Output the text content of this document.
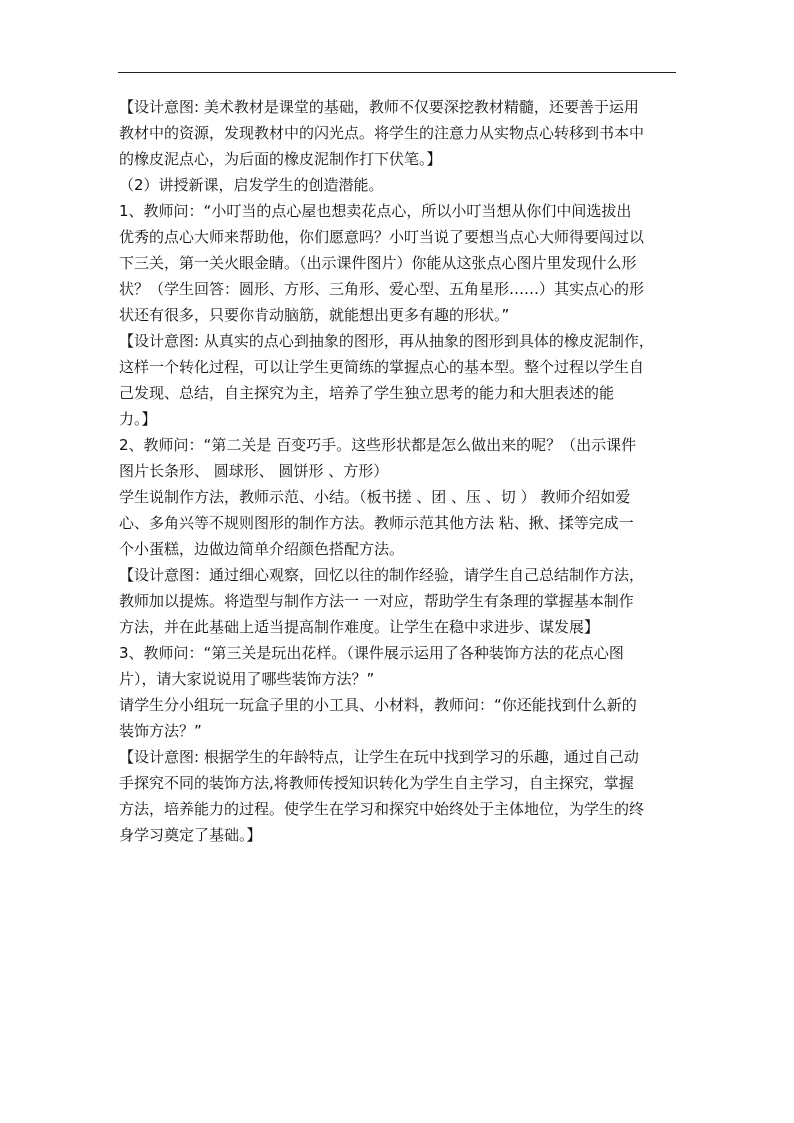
【设计意图: 美术教材是课堂的基础，教师不仅要深挖教材精髓，还要善于运用
教材中的资源，发现教材中的闪光点。将学生的注意力从实物点心转移到书本中
的橡皮泥点心，为后面的橡皮泥制作打下伏笔。】
（2）讲授新课，启发学生的创造潜能。
1、教师问：“小叮当的点心屋也想卖花点心，所以小叮当想从你们中间选拔出
优秀的点心大师来帮助他，你们愿意吗？小叮当说了要想当点心大师得要闯过以
下三关，第一关火眼金睛。（出示课件图片）你能从这张点心图片里发现什么形
状？（学生回答：圆形、方形、三角形、爱心型、五角星形……）其实点心的形
状还有很多，只要你肯动脑筋，就能想出更多有趣的形状。”
【设计意图: 从真实的点心到抽象的图形，再从抽象的图形到具体的橡皮泥制作，
这样一个转化过程，可以让学生更简练的掌握点心的基本型。整个过程以学生自
己发现、总结，自主探究为主，培养了学生独立思考的能力和大胆表述的能
力。】
2、教师问：“第二关是 百变巧手。这些形状都是怎么做出来的呢？（出示课件
图片长条形、 圆球形、 圆饼形 、方形）
学生说制作方法，教师示范、小结。（板书搓 、团 、压 、切 ） 教师介绍如爱
心、多角兴等不规则图形的制作方法。教师示范其他方法 粘、揪、揉等完成一
个小蛋糕，边做边简单介绍颜色搭配方法。
【设计意图：通过细心观察，回忆以往的制作经验，请学生自己总结制作方法，
教师加以提炼。将造型与制作方法一 一对应，帮助学生有条理的掌握基本制作
方法，并在此基础上适当提高制作难度。让学生在稳中求进步、谋发展】
3、教师问：“第三关是玩出花样。（课件展示运用了各种装饰方法的花点心图
片），请大家说说用了哪些装饰方法？”
请学生分小组玩一玩盒子里的小工具、小材料，教师问：“你还能找到什么新的
装饰方法？”
【设计意图: 根据学生的年龄特点，让学生在玩中找到学习的乐趣，通过自己动
手探究不同的装饰方法,将教师传授知识转化为学生自主学习，自主探究，掌握
方法，培养能力的过程。使学生在学习和探究中始终处于主体地位，为学生的终
身学习奠定了基础。】
